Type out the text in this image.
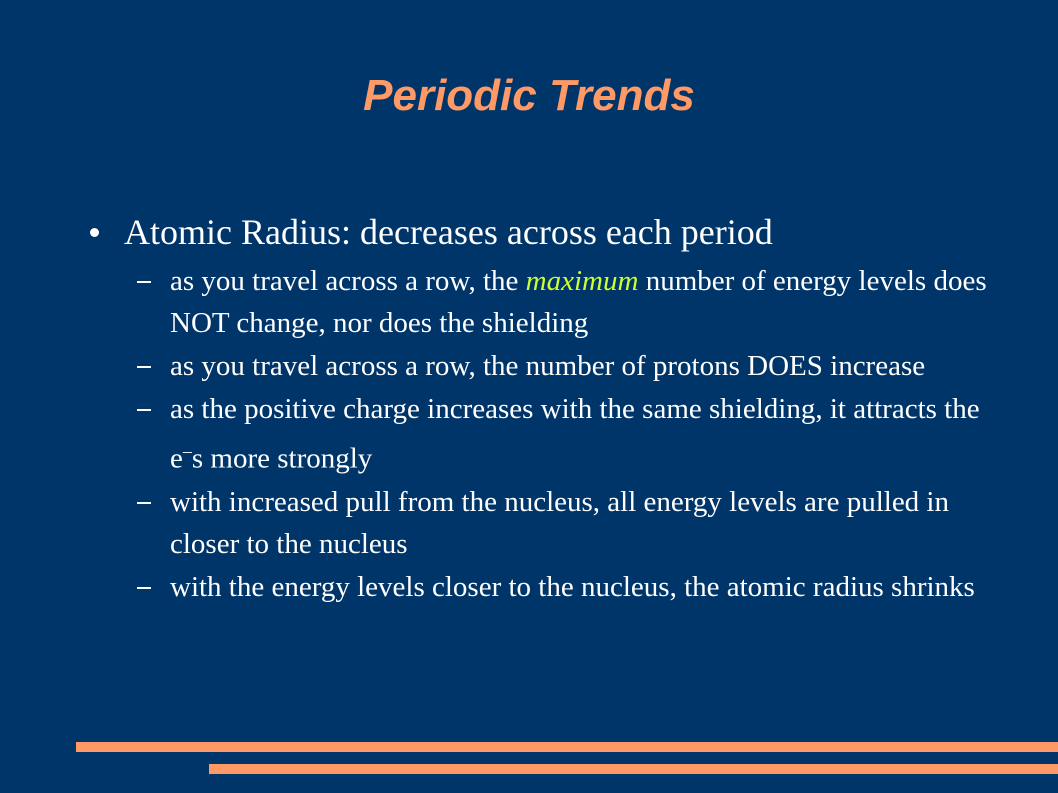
Periodic Trends
Atomic Radius: decreases across each period
as you travel across a row, the maximum number of energy levels does NOT change, nor does the shielding
as you travel across a row, the number of protons DOES increase
as the positive charge increases with the same shielding, it attracts the e–s more strongly
with increased pull from the nucleus, all energy levels are pulled in closer to the nucleus
with the energy levels closer to the nucleus, the atomic radius shrinks
